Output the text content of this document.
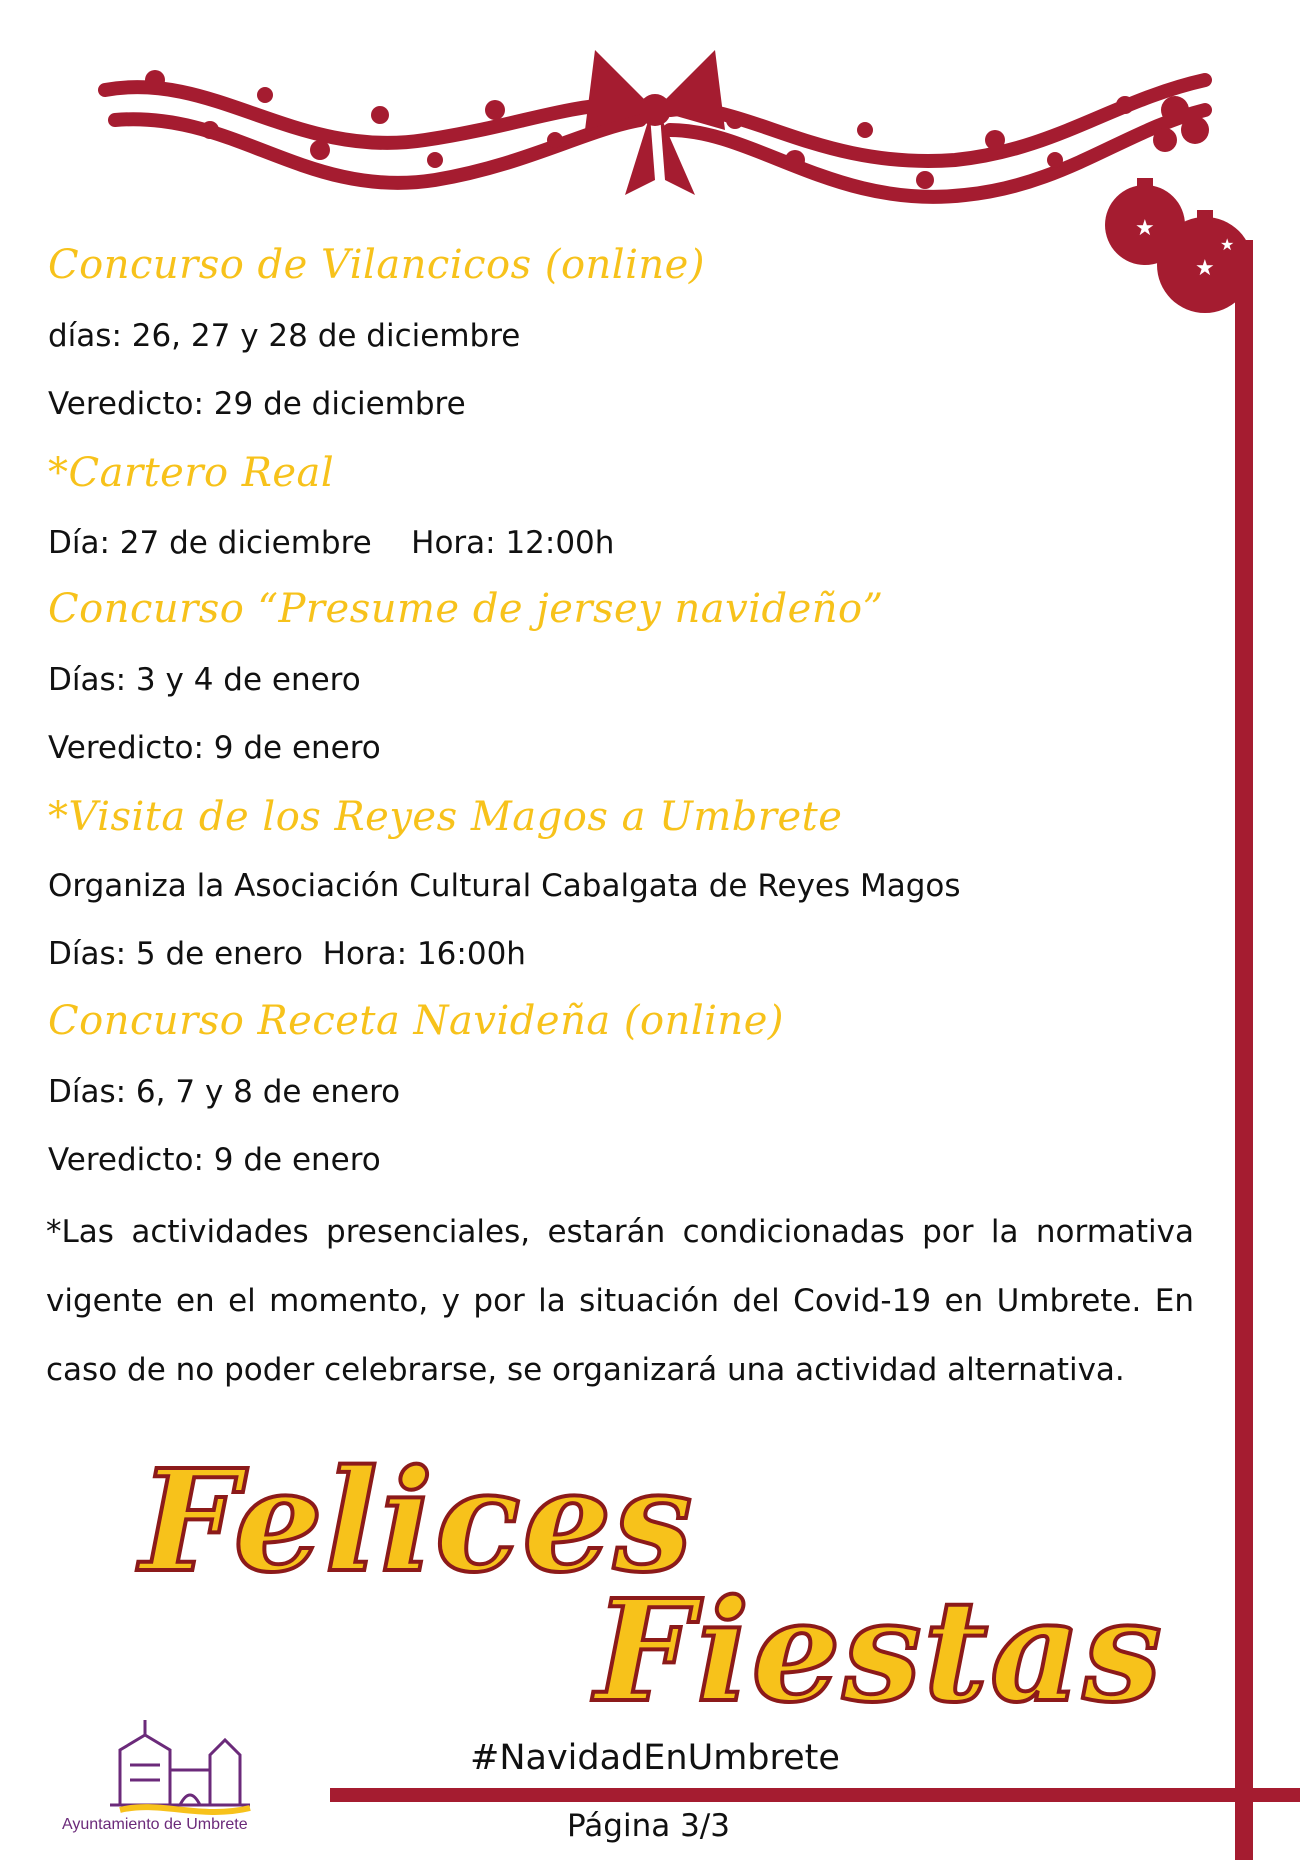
★
★
★
Concurso de Vilancicos (online)

días: 26, 27 y 28 de diciembre

Veredicto: 29 de diciembre

*Cartero Real

Día: 27 de diciembre    Hora: 12:00h

Concurso “Presume de jersey navideño”

Días: 3 y 4 de enero

Veredicto: 9 de enero

*Visita de los Reyes Magos a Umbrete

Organiza la Asociación Cultural Cabalgata de Reyes Magos

Días: 5 de enero  Hora: 16:00h

Concurso Receta Navideña (online)

Días: 6, 7 y 8 de enero

Veredicto: 9 de enero

*Las actividades presenciales, estarán condicionadas por la normativa vigente en el momento, y por la situación del Covid-19 en Umbrete. En caso de no poder celebrarse, se organizará una actividad alternativa.

Felices

Fiestas

Ayuntamiento de Umbrete

#NavidadEnUmbrete

Página 3/3
